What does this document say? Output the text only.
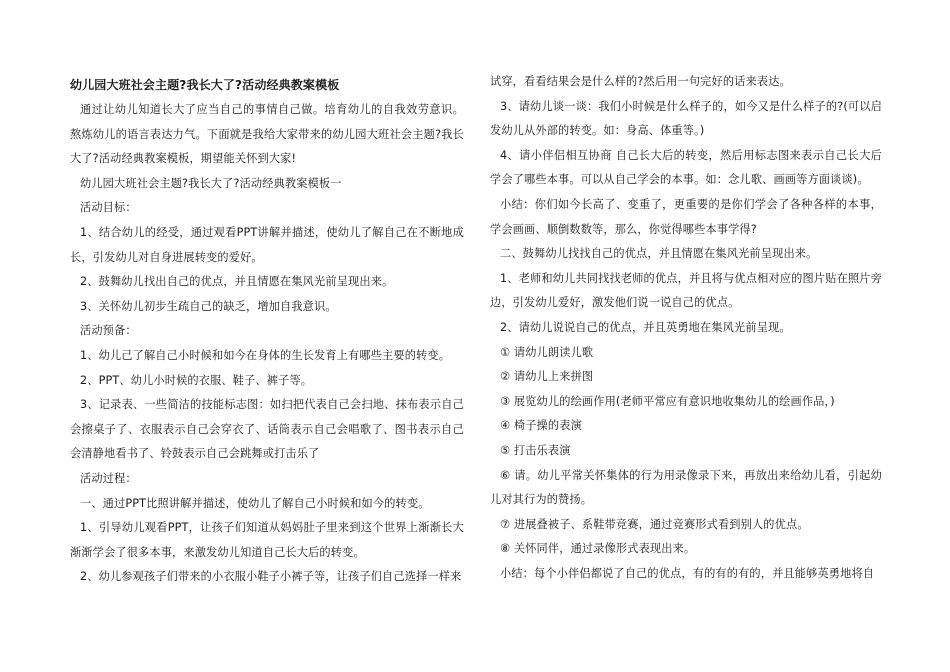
幼儿园大班社会主题?我长大了?活动经典教案模板

通过让幼儿知道长大了应当自己的事情自己做。培育幼儿的自我效劳意识。熬炼幼儿的语言表达力气。下面就是我给大家带来的幼儿园大班社会主题?我长大了?活动经典教案模板，期望能关怀到大家!

幼儿园大班社会主题?我长大了?活动经典教案模板一

活动目标：

1、结合幼儿的经受，通过观看PPT讲解并描述，使幼儿了解自己在不断地成长，引发幼儿对自身进展转变的爱好。

2、鼓舞幼儿找出自己的优点，并且情愿在集风光前呈现出来。

3、关怀幼儿初步生疏自己的缺乏，增加自我意识。

活动预备：

1、幼儿己了解自己小时候和如今在身体的生长发育上有哪些主要的转变。

2、PPT、幼儿小时候的衣服、鞋子、裤子等。

3、记录表、一些简洁的技能标志图：如扫把代表自己会扫地、抹布表示自己会擦桌子了、衣服表示自己会穿衣了、话筒表示自己会唱歌了、图书表示自己会清静地看书了、铃鼓表示自己会跳舞或打击乐了

活动过程：

一、通过PPT比照讲解并描述，使幼儿了解自己小时候和如今的转变。

1、引导幼儿观看PPT，让孩子们知道从妈妈肚子里来到这个世界上渐渐长大渐渐学会了很多本事，来激发幼儿知道自己长大后的转变。

2、幼儿参观孩子们带来的小衣服小鞋子小裤子等，让孩子们自己选择一样来

试穿，看看结果会是什么样的?然后用一句完好的话来表达。

3、请幼儿谈一谈：我们小时候是什么样子的，如今又是什么样子的?(可以启发幼儿从外部的转变。如：身高、体重等。)

4、请小伴侣相互协商 自己长大后的转变，然后用标志图来表示自己长大后学会了哪些本事。可以从自己学会的本事。如：念儿歌、画画等方面谈谈)。

小结：你们如今长高了、变重了，更重要的是你们学会了各种各样的本事，学会画画、顺倒数数等，那么，你觉得哪些本事学得?

二、鼓舞幼儿找找自己的优点，并且情愿在集风光前呈现出来。

1、老师和幼儿共同找找老师的优点，并且将与优点相对应的图片贴在照片旁边，引发幼儿爱好，激发他们说一说自己的优点。

2、请幼儿说说自己的优点，并且英勇地在集风光前呈现。

① 请幼儿朗读儿歌

② 请幼儿上来拼图

③ 展览幼儿的绘画作用(老师平常应有意识地收集幼儿的绘画作品，)

④ 椅子操的表演

⑤ 打击乐表演

⑥ 请。幼儿平常关怀集体的行为用录像录下来，再放出来给幼儿看，引起幼儿对其行为的赞扬。

⑦ 进展叠被子、系鞋带竞赛，通过竞赛形式看到别人的优点。

⑧ 关怀同伴，通过录像形式表现出来。

小结：每个小伴侣都说了自己的优点，有的有的有的，并且能够英勇地将自
